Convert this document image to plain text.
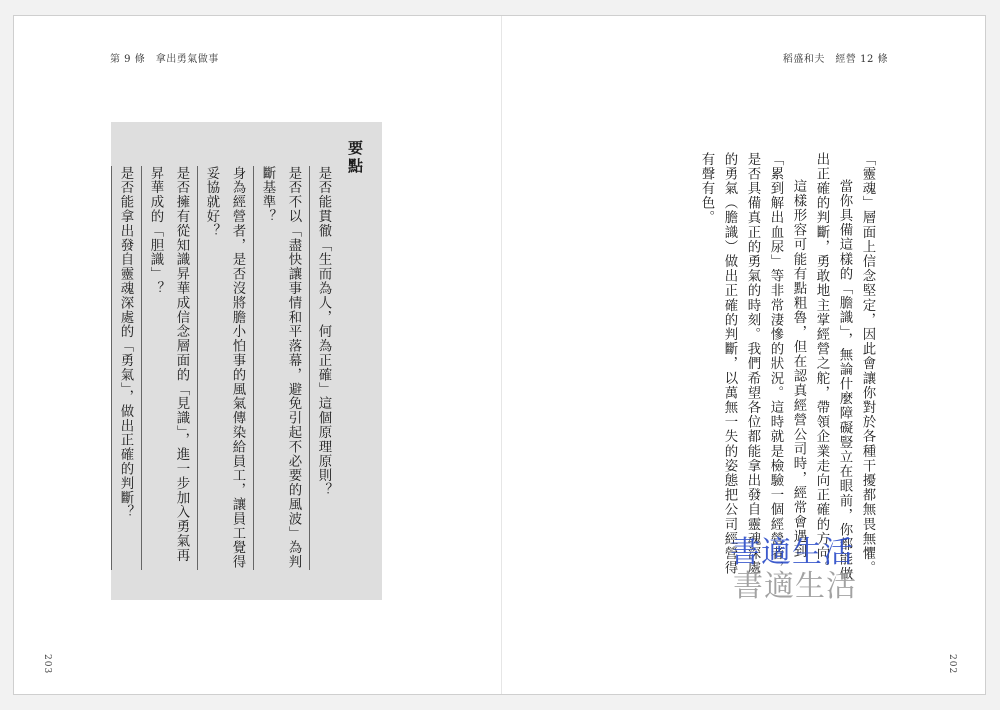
第 9 條　拿出勇氣做事	稻盛和夫　經營 12 條
203	202
要點
是否能貫徹「生而為人，何為正確」這個原理原則？
是否不以「盡快讓事情和平落幕，避免引起不必要的風波」為判斷基準？
身為經營者，是否沒將膽小怕事的風氣傳染給員工，讓員工覺得妥協就好？
是否擁有從知識昇華成信念層面的「見識」，進一步加入勇氣再昇華成的「胆識」？
是否能拿出發自靈魂深處的「勇氣」，做出正確的判斷？	「靈魂」層面上信念堅定，因此會讓你對於各種干擾都無畏無懼。

當你具備這樣的「膽識」，無論什麼障礙豎立在眼前，你都能做出正確的判斷，勇敢地主掌經營之舵，帶領企業走向正確的方向。

這樣形容可能有點粗魯，但在認真經營公司時，經常會遇到「累到解出血尿」等非常淒慘的狀況。這時就是檢驗一個經營者，是否具備真正的勇氣的時刻。我們希望各位都能拿出發自靈魂深處的勇氣（膽識）做出正確的判斷，以萬無一失的姿態把公司經營得有聲有色。

書適生活
書適生活
